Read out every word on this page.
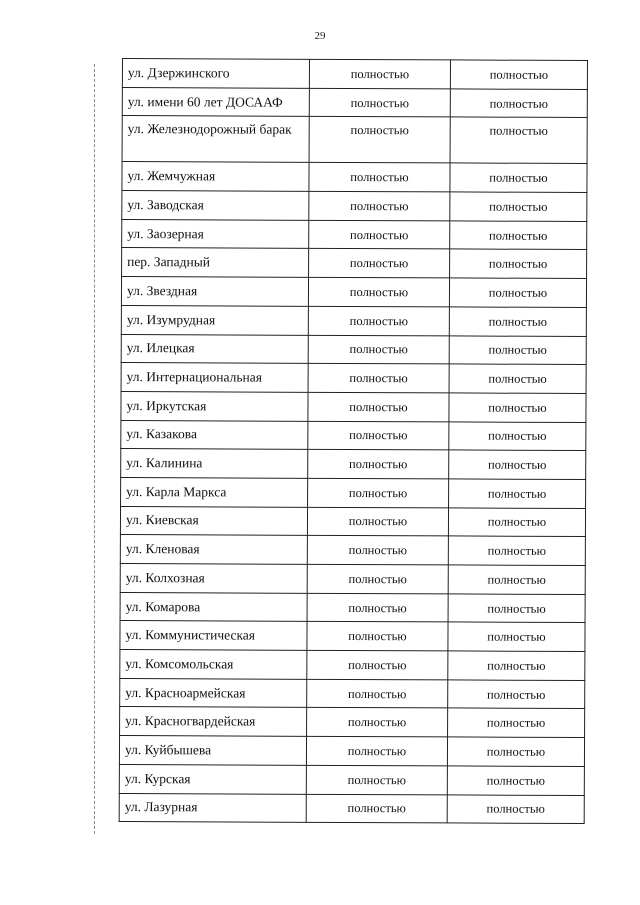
29
ул. Дзержинского	полностью	полностью
ул. имени 60 лет ДОСААФ	полностью	полностью
ул. Железнодорожный барак	полностью	полностью
ул. Жемчужная	полностью	полностью
ул. Заводская	полностью	полностью
ул. Заозерная	полностью	полностью
пер. Западный	полностью	полностью
ул. Звездная	полностью	полностью
ул. Изумрудная	полностью	полностью
ул. Илецкая	полностью	полностью
ул. Интернациональная	полностью	полностью
ул. Иркутская	полностью	полностью
ул. Казакова	полностью	полностью
ул. Калинина	полностью	полностью
ул. Карла Маркса	полностью	полностью
ул. Киевская	полностью	полностью
ул. Кленовая	полностью	полностью
ул. Колхозная	полностью	полностью
ул. Комарова	полностью	полностью
ул. Коммунистическая	полностью	полностью
ул. Комсомольская	полностью	полностью
ул. Красноармейская	полностью	полностью
ул. Красногвардейская	полностью	полностью
ул. Куйбышева	полностью	полностью
ул. Курская	полностью	полностью
ул. Лазурная	полностью	полностью
